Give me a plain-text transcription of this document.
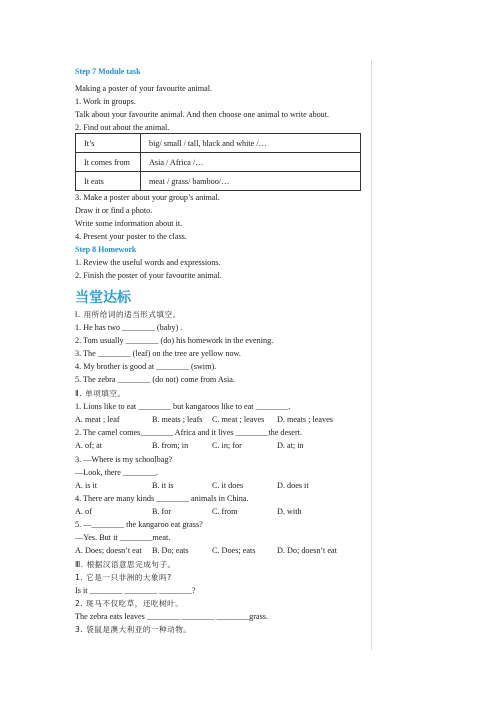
Step 7 Module task
Making a poster of your favourite animal.
1. Work in groups.
Talk about your favourite animal. And then choose one animal to write about.
2. Find out about the animal.
It’s	big/ small / tall, black and white /…
It comes from	Asia / Africa /…
It eats	meat / grass/ bamboo/…
3. Make a poster about your group’s animal.
Draw it or find a photo.
Write some information about it.
4. Present your poster to the class.
Step 8 Homework
1. Review the useful words and expressions.
2. Finish the poster of your favourite animal.
当堂达标
Ⅰ. 用所给词的适当形式填空。
1. He has two ________ (baby) .
2. Tom usually ________ (do) his homework in the evening.
3. The ________ (leaf) on the tree are yellow now.
4. My brother is good at ________ (swim).
5. The zebra ________ (do not) come from Asia.
Ⅱ. 单项填空。
1. Lions like to eat ________ but kangaroos like to eat ________.
A. meat ; leaf	B. meats ; leafs C. meat ; leaves D. meats ; leaves
2. The camel comes________ Africa and it lives ________the desert.
A. of; at	B. from; in	C. in; for	D. at; in
3. —Where is my schoolbag?
—Look, there ________.
A. is it	B. it is	C. it does	D. does it
4. There are many kinds ________ animals in China.
A. of	B. for	C. from	D. with
5. —________ the kangaroo eat grass?
—Yes. But it ________meat.
A. Does; doesn’t eat B. Do; eats	C. Does; eats	D. Do; doesn’t eat
Ⅲ. 根据汉语意思完成句子。
1. 它是一只非洲的大象吗?
Is it ________ ________ ________?
2. 斑马不仅吃草，还吃树叶。
The zebra eats leaves ________ ________ ________grass.
3. 袋鼠是澳大利亚的一种动物。
